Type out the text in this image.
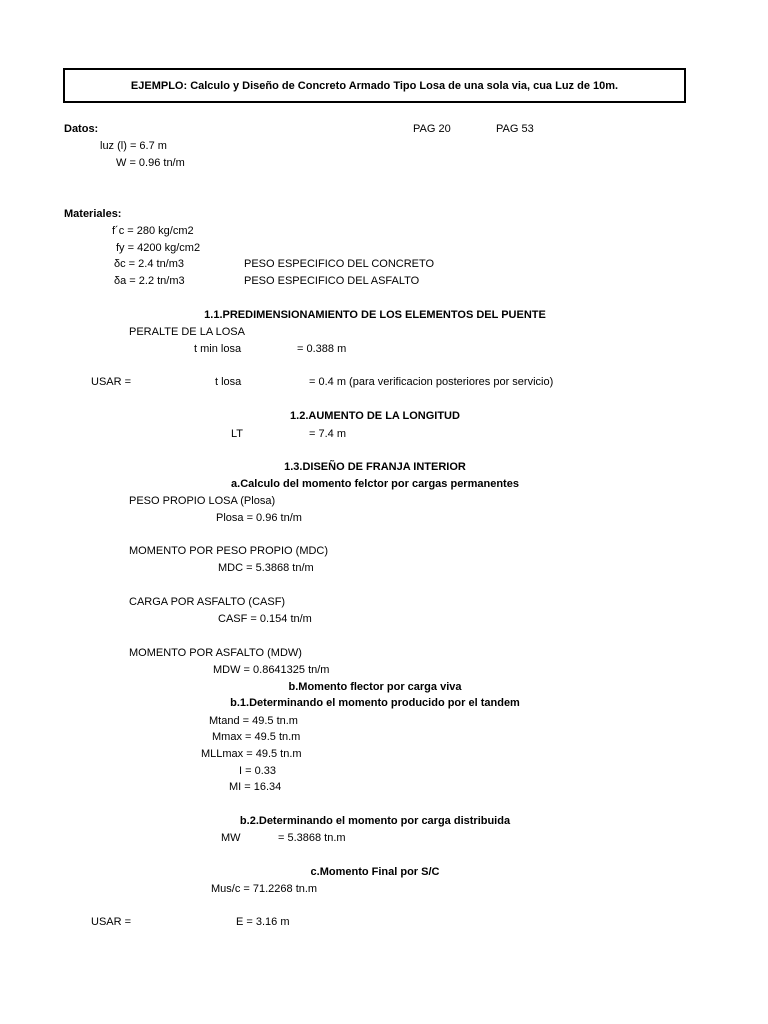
EJEMPLO: Calculo y Diseño de Concreto Armado Tipo Losa de una sola via, cua Luz de 10m.
Datos:	PAG 20	PAG 53
luz (l) = 6.7 m
W = 0.96 tn/m
Materiales:
f´c = 280 kg/cm2
fy = 4200 kg/cm2
δc = 2.4 tn/m3	PESO ESPECIFICO DEL CONCRETO
δa = 2.2 tn/m3	PESO ESPECIFICO DEL ASFALTO
1.1.PREDIMENSIONAMIENTO DE LOS ELEMENTOS DEL PUENTE
PERALTE DE LA LOSA
t min losa	= 0.388 m
USAR =	t losa	= 0.4 m (para verificacion posteriores por servicio)
1.2.AUMENTO DE LA LONGITUD
LT	= 7.4 m
1.3.DISEÑO DE FRANJA INTERIOR
a.Calculo del momento felctor por cargas permanentes
PESO PROPIO LOSA (Plosa)
Plosa = 0.96 tn/m
MOMENTO POR PESO PROPIO (MDC)
MDC = 5.3868 tn/m
CARGA POR ASFALTO (CASF)
CASF = 0.154 tn/m
MOMENTO POR ASFALTO (MDW)
MDW = 0.8641325 tn/m
b.Momento flector por carga viva
b.1.Determinando el momento producido por el tandem
Mtand = 49.5 tn.m
Mmax = 49.5 tn.m
MLLmax = 49.5 tn.m
I = 0.33
MI = 16.34
b.2.Determinando el momento por carga distribuida
MW	= 5.3868 tn.m
c.Momento Final por S/C
Mus/c = 71.2268 tn.m
USAR =	E = 3.16 m
